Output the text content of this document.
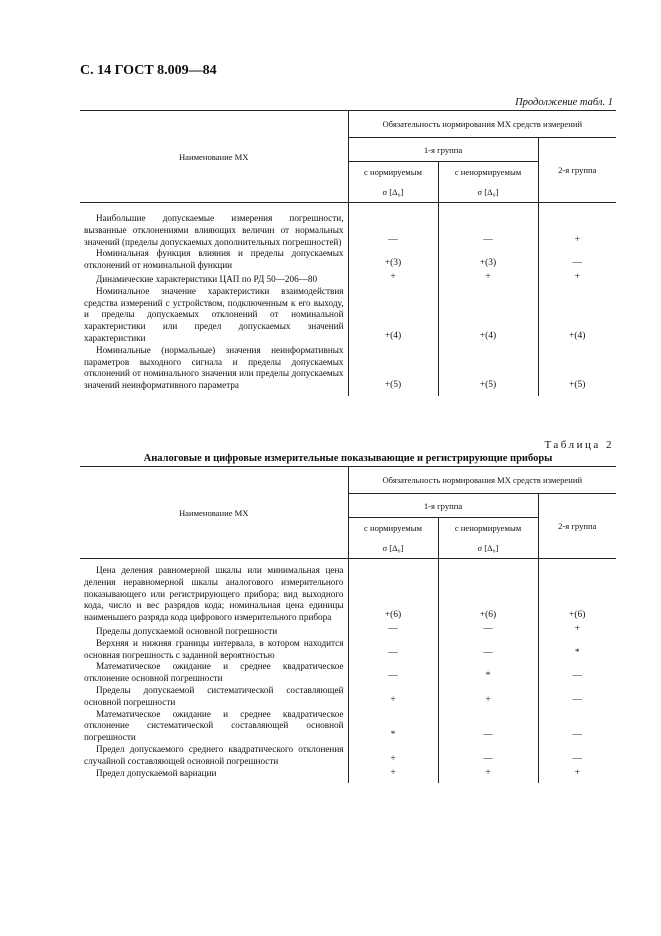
С. 14 ГОСТ 8.009—84
Продолжение табл. 1
Наименование МХ	Обязательность нормирования МХ средств измерений		
	1-я группа		2-я группа
	с нормируемым	с ненормируемым	
	σ [Δ₀]	σ [Δ₀]	
Наибольшие допускаемые измерения погрешности, вызванные отклонениями влияющих величин от нормальных значений (пределы допускаемых дополнительных погрешностей)	—	—	+
Номинальная функция влияния и пределы допускаемых отклонений от номинальной функции	+(3)	+(3)	—
Динамические характеристики ЦАП по РД 50—206—80	+	+	+
Номинальное значение характеристики взаимодействия средства измерений с устройством, подключенным к его выходу, и пределы допускаемых отклонений от номинальной характеристики или предел допускаемых значений характеристики	+(4)	+(4)	+(4)
Номинальные (нормальные) значения неинформативных параметров выходного сигнала и пределы допускаемых отклонений от номинального значения или пределы допускаемых значений неинформативного параметра	+(5)	+(5)	+(5)
Таблица 2
Аналоговые и цифровые измерительные показывающие и регистрирующие приборы
Наименование МХ	Обязательность нормирования МХ средств измерений		
	1-я группа		2-я группа
	с нормируемым	с ненормируемым	
	σ [Δ₀]	σ [Δ₀]	
Цена деления равномерной шкалы или минимальная цена деления неравномерной шкалы аналогового измерительного показывающего или регистрирующего прибора; вид выходного кода, число и вес разрядов кода; номинальная цена единицы наименьшего разряда кода цифрового измерительного прибора	+(6)	+(6)	+(6)
Пределы допускаемой основной погрешности	—	—	+
Верхняя и нижняя границы интервала, в котором находится основная погрешность с заданной вероятностью	—	—	*
Математическое ожидание и среднее квадратическое отклонение основной погрешности	—	*	—
Пределы допускаемой систематической составляющей основной погрешности	+	+	—
Математическое ожидание и среднее квадратическое отклонение систематической составляющей основной погрешности	*	—	—
Предел допускаемого среднего квадратического отклонения случайной составляющей основной погрешности	+	—	—
Предел допускаемой вариации	+	+	+
